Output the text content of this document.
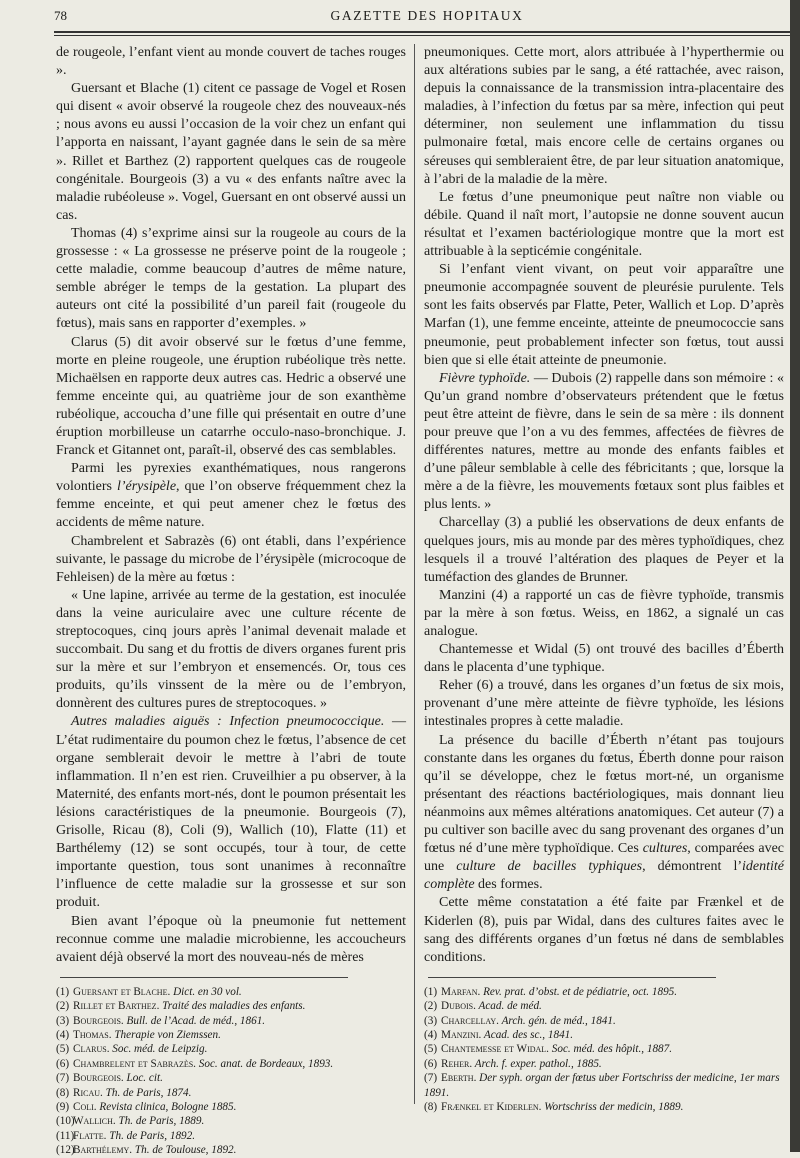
78	GAZETTE DES HOPITAUX

de rougeole, l’enfant vient au monde couvert de taches rouges ».

Guersant et Blache (1) citent ce passage de Vogel et Rosen qui disent « avoir observé la rougeole chez des nouveaux-nés ; nous avons eu aussi l’occasion de la voir chez un enfant qui l’apporta en naissant, l’ayant gagnée dans le sein de sa mère ». Rillet et Barthez (2) rapportent quelques cas de rougeole congénitale. Bourgeois (3) a vu « des enfants naître avec la maladie rubéoleuse ». Vogel, Guersant en ont observé aussi un cas.

Thomas (4) s’exprime ainsi sur la rougeole au cours de la grossesse : « La grossesse ne préserve point de la rougeole ; cette maladie, comme beaucoup d’autres de même nature, semble abréger le temps de la gestation. La plupart des auteurs ont cité la possibilité d’un pareil fait (rougeole du fœtus), mais sans en rapporter d’exemples. »

Clarus (5) dit avoir observé sur le fœtus d’une femme, morte en pleine rougeole, une éruption rubéolique très nette. Michaëlsen en rapporte deux autres cas. Hedric a observé une femme enceinte qui, au quatrième jour de son exanthème rubéolique, accoucha d’une fille qui présentait en outre d’une éruption morbilleuse un catarrhe occulo-naso-bronchique. J. Franck et Gitannet ont, paraît-il, observé des cas semblables.

Parmi les pyrexies exanthématiques, nous rangerons volontiers l’érysipèle, que l’on observe fréquemment chez la femme enceinte, et qui peut amener chez le fœtus des accidents de même nature.

Chambrelent et Sabrazès (6) ont établi, dans l’expérience suivante, le passage du microbe de l’érysipèle (microcoque de Fehleisen) de la mère au fœtus :

« Une lapine, arrivée au terme de la gestation, est inoculée dans la veine auriculaire avec une culture récente de streptocoques, cinq jours après l’animal devenait malade et succombait. Du sang et du frottis de divers organes furent pris sur la mère et sur l’embryon et ensemencés. Or, tous ces produits, qu’ils vinssent de la mère ou de l’embryon, donnèrent des cultures pures de streptocoques. »

Autres maladies aiguës : Infection pneumococcique. — L’état rudimentaire du poumon chez le fœtus, l’absence de cet organe semblerait devoir le mettre à l’abri de toute inflammation. Il n’en est rien. Cruveilhier a pu observer, à la Maternité, des enfants mort-nés, dont le poumon présentait les lésions caractéristiques de la pneumonie. Bourgeois (7), Grisolle, Ricau (8), Coli (9), Wallich (10), Flatte (11) et Barthélemy (12) se sont occupés, tour à tour, de cette importante question, tous sont unanimes à reconnaître l’influence de cette maladie sur la grossesse et sur son produit.

Bien avant l’époque où la pneumonie fut nettement reconnue comme une maladie microbienne, les accoucheurs avaient déjà observé la mort des nouveau-nés de mères

(1) Guersant et Blache. Dict. en 30 vol.
(2) Rillet et Barthez. Traité des maladies des enfants.
(3) Bourgeois. Bull. de l’Acad. de méd., 1861.
(4) Thomas. Therapie von Ziemssen.
(5) Clarus. Soc. méd. de Leipzig.
(6) Chambrelent et Sabrazès. Soc. anat. de Bordeaux, 1893.
(7) Bourgeois. Loc. cit.
(8) Ricau. Th. de Paris, 1874.
(9) Coli. Revista clinica, Bologne 1885.
(10)Wallich. Th. de Paris, 1889.
(11)Flatte. Th. de Paris, 1892.
(12)Barthélemy. Th. de Toulouse, 1892.

pneumoniques. Cette mort, alors attribuée à l’hyperthermie ou aux altérations subies par le sang, a été rattachée, avec raison, depuis la connaissance de la transmission intra-placentaire des maladies, à l’infection du fœtus par sa mère, infection qui peut déterminer, non seulement une inflammation du tissu pulmonaire fœtal, mais encore celle de certains organes ou séreuses qui sembleraient être, de par leur situation anatomique, à l’abri de la maladie de la mère.

Le fœtus d’une pneumonique peut naître non viable ou débile. Quand il naît mort, l’autopsie ne donne souvent aucun résultat et l’examen bactériologique montre que la mort est attribuable à la septicémie congénitale.

Si l’enfant vient vivant, on peut voir apparaître une pneumonie accompagnée souvent de pleurésie purulente. Tels sont les faits observés par Flatte, Peter, Wallich et Lop. D’après Marfan (1), une femme enceinte, atteinte de pneumococcie sans pneumonie, peut probablement infecter son fœtus, tout aussi bien que si elle était atteinte de pneumonie.

Fièvre typhoïde. — Dubois (2) rappelle dans son mémoire : « Qu’un grand nombre d’observateurs prétendent que le fœtus peut être atteint de fièvre, dans le sein de sa mère : ils donnent pour preuve que l’on a vu des femmes, affectées de fièvres de différentes natures, mettre au monde des enfants faibles et d’une pâleur semblable à celle des fébricitants ; que, lorsque la mère a de la fièvre, les mouvements fœtaux sont plus faibles et plus lents. »

Charcellay (3) a publié les observations de deux enfants de quelques jours, mis au monde par des mères typhoïdiques, chez lesquels il a trouvé l’altération des plaques de Peyer et la tuméfaction des glandes de Brunner.

Manzini (4) a rapporté un cas de fièvre typhoïde, transmis par la mère à son fœtus. Weiss, en 1862, a signalé un cas analogue.

Chantemesse et Widal (5) ont trouvé des bacilles d’Éberth dans le placenta d’une typhique.

Reher (6) a trouvé, dans les organes d’un fœtus de six mois, provenant d’une mère atteinte de fièvre typhoïde, les lésions intestinales propres à cette maladie.

La présence du bacille d’Éberth n’étant pas toujours constante dans les organes du fœtus, Éberth donne pour raison qu’il se développe, chez le fœtus mort-né, un organisme présentant des réactions bactériologiques, mais donnant lieu néanmoins aux mêmes altérations anatomiques. Cet auteur (7) a pu cultiver son bacille avec du sang provenant des organes d’un fœtus né d’une mère typhoïdique. Ces cultures, comparées avec une culture de bacilles typhiques, démontrent l’identité complète des formes.

Cette même constatation a été faite par Frænkel et de Kiderlen (8), puis par Widal, dans des cultures faites avec le sang des différents organes d’un fœtus né dans de semblables conditions.

(1) Marfan. Rev. prat. d’obst. et de pédiatrie, oct. 1895.
(2) Dubois. Acad. de méd.
(3) Charcellay. Arch. gén. de méd., 1841.
(4) Manzini. Acad. des sc., 1841.
(5) Chantemesse et Widal. Soc. méd. des hôpit., 1887.
(6) Reher. Arch. f. exper. pathol., 1885.
(7) Eberth. Der syph. organ der fœtus uber Fortschriss der medicine, 1er mars 1891.
(8) Frænkel et Kiderlen. Wortschriss der medicin, 1889.
